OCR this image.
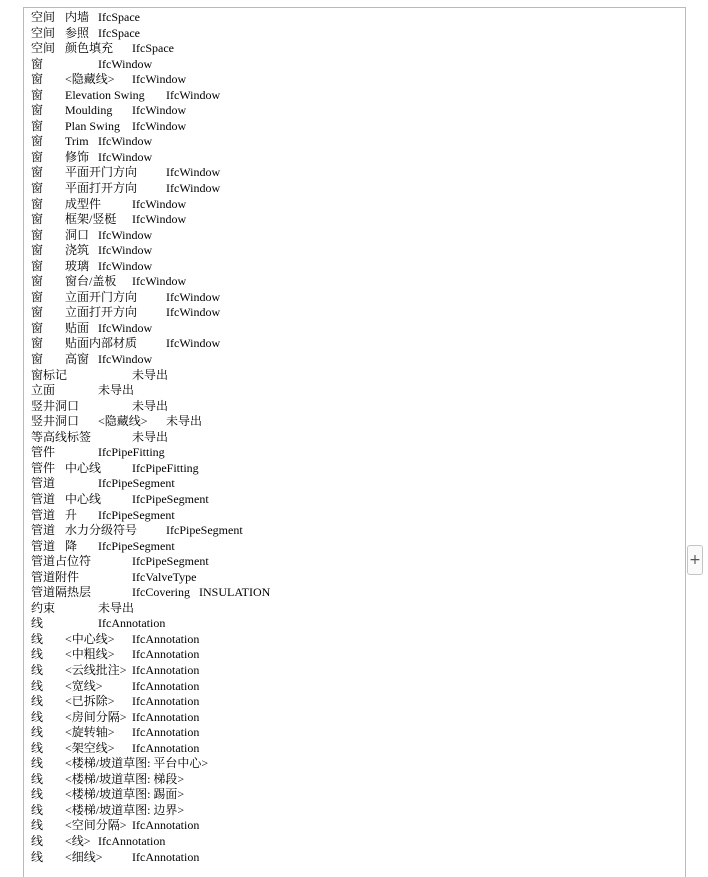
空间 内墙 IfcSpace
空间 参照 IfcSpace
空间 颜色填充 IfcSpace
窗	IfcWindow
窗 <隐藏线> IfcWindow
窗 Elevation Swing IfcWindow
窗 Moulding IfcWindow
窗 Plan Swing IfcWindow
窗 Trim IfcWindow
窗 修饰 IfcWindow
窗 平面开门方向 IfcWindow
窗 平面打开方向 IfcWindow
窗 成型件	IfcWindow
窗 框架/竖梃 IfcWindow
窗 洞口 IfcWindow
窗 浇筑 IfcWindow
窗 玻璃 IfcWindow
窗 窗台/盖板 IfcWindow
窗 立面开门方向 IfcWindow
窗 立面打开方向 IfcWindow
窗 贴面 IfcWindow
窗 贴面内部材质 IfcWindow
窗 高窗 IfcWindow
窗标记	未导出
立面	未导出
竖井洞口	未导出
竖井洞口 <隐藏线> 未导出
等高线标签	未导出
管件	IfcPipeFitting
管件 中心线	IfcPipeFitting
管道	IfcPipeSegment
管道 中心线	IfcPipeSegment
管道 升 IfcPipeSegment
管道 水力分级符号 IfcPipeSegment
管道 降 IfcPipeSegment
管道占位符	IfcPipeSegment
管道附件	IfcValveType
管道隔热层	IfcCovering INSULATION
约束	未导出
线	IfcAnnotation
线 <中心线> IfcAnnotation
线 <中粗线> IfcAnnotation
线 <云线批注> IfcAnnotation
线 <宽线> IfcAnnotation
线 <已拆除> IfcAnnotation
线 <房间分隔> IfcAnnotation
线 <旋转轴> IfcAnnotation
线 <架空线> IfcAnnotation
线 <楼梯/坡道草图: 平台中心>
线 <楼梯/坡道草图: 梯段>
线 <楼梯/坡道草图: 踢面>
线 <楼梯/坡道草图: 边界>
线 <空间分隔> IfcAnnotation
线 <线> IfcAnnotation
线 <细线> IfcAnnotation
+
